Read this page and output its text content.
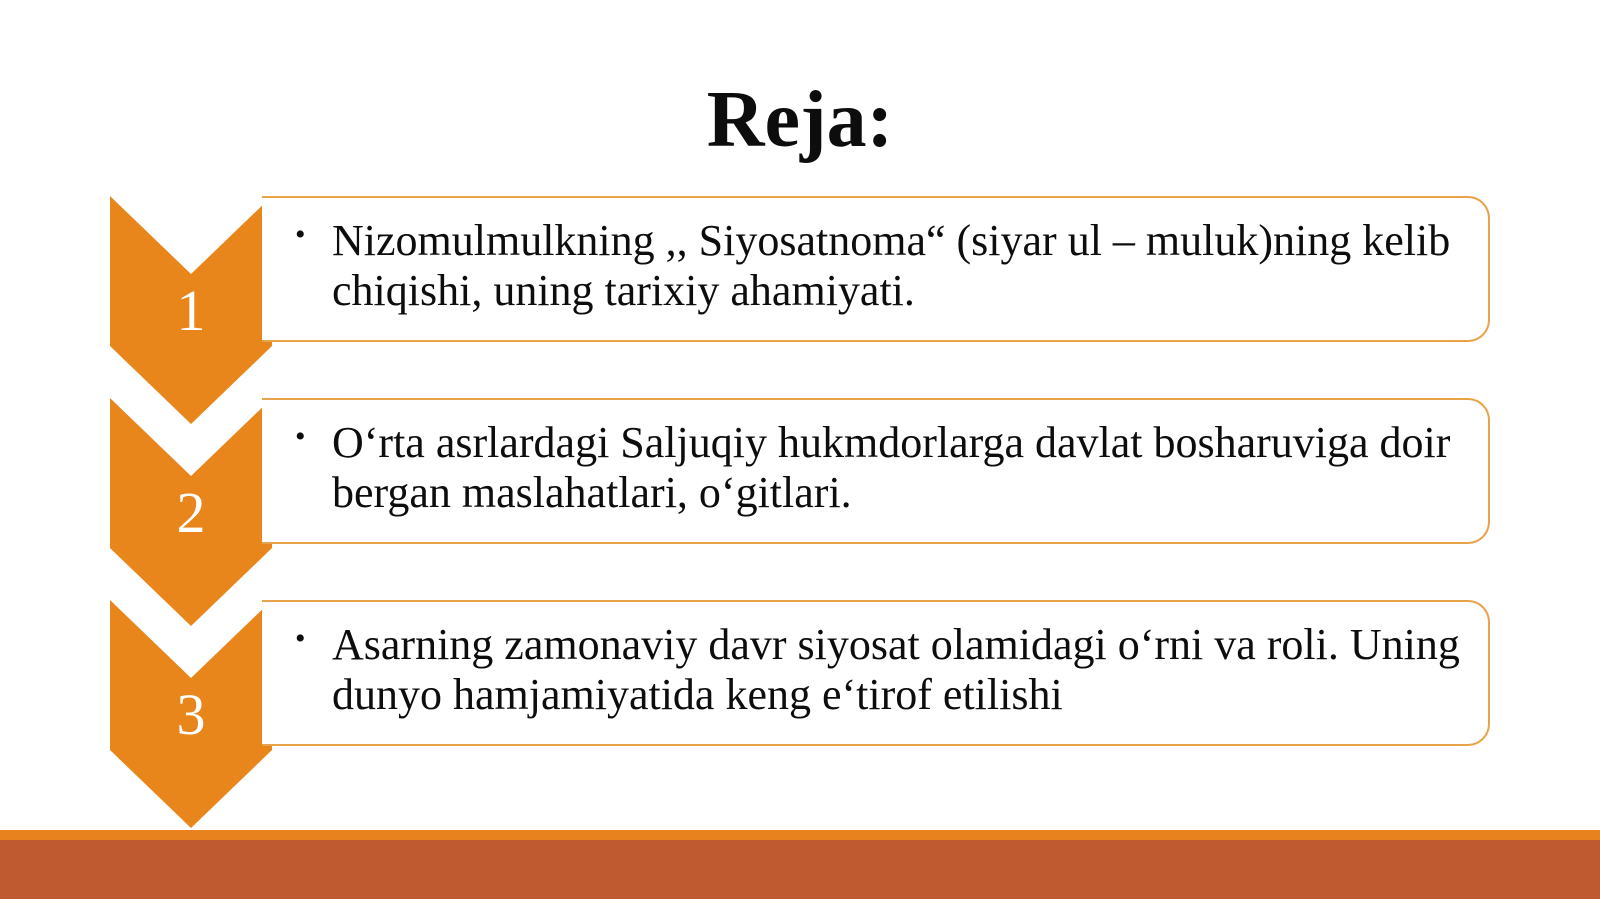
Reja:
• Nizomulmulkning ,, Siyosatnoma“ (siyar ul – muluk)ning kelib chiqishi, uning tarixiy ahamiyati.

• O‘rta asrlardagi Saljuqiy hukmdorlarga davlat bosharuviga doir bergan maslahatlari, o‘gitlari.

• Asarning zamonaviy davr siyosat olamidagi o‘rni va roli. Uning dunyo hamjamiyatida keng e‘tirof etilishi

1
2
3
